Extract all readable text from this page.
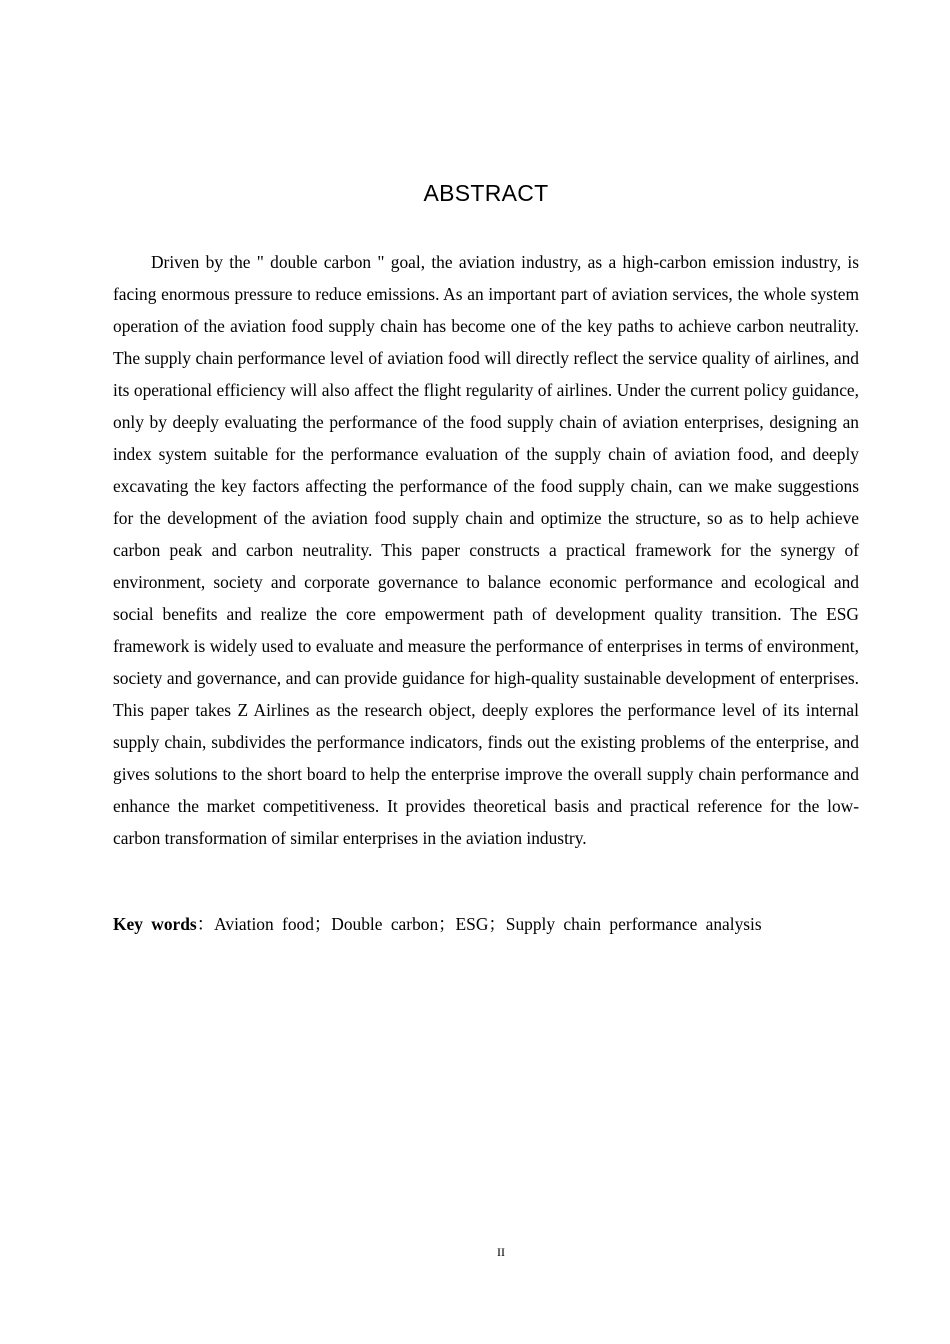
ABSTRACT

Driven by the " double carbon " goal, the aviation industry, as a high-carbon emission industry, is facing enormous pressure to reduce emissions. As an important part of aviation services, the whole system operation of the aviation food supply chain has become one of the key paths to achieve carbon neutrality. The supply chain performance level of aviation food will directly reflect the service quality of airlines, and its operational efficiency will also affect the flight regularity of airlines. Under the current policy guidance, only by deeply evaluating the performance of the food supply chain of aviation enterprises, designing an index system suitable for the performance evaluation of the supply chain of aviation food, and deeply excavating the key factors affecting the performance of the food supply chain, can we make suggestions for the development of the aviation food supply chain and optimize the structure, so as to help achieve carbon peak and carbon neutrality. This paper constructs a practical framework for the synergy of environment, society and corporate governance to balance economic performance and ecological and social benefits and realize the core empowerment path of development quality transition. The ESG framework is widely used to evaluate and measure the performance of enterprises in terms of environment, society and governance, and can provide guidance for high-quality sustainable development of enterprises. This paper takes Z Airlines as the research object, deeply explores the performance level of its internal supply chain, subdivides the performance indicators, finds out the existing problems of the enterprise, and gives solutions to the short board to help the enterprise improve the overall supply chain performance and enhance the market competitiveness. It provides theoretical basis and practical reference for the low-carbon transformation of similar enterprises in the aviation industry.

Key words：Aviation food；Double carbon；ESG；Supply chain performance analysis
II
